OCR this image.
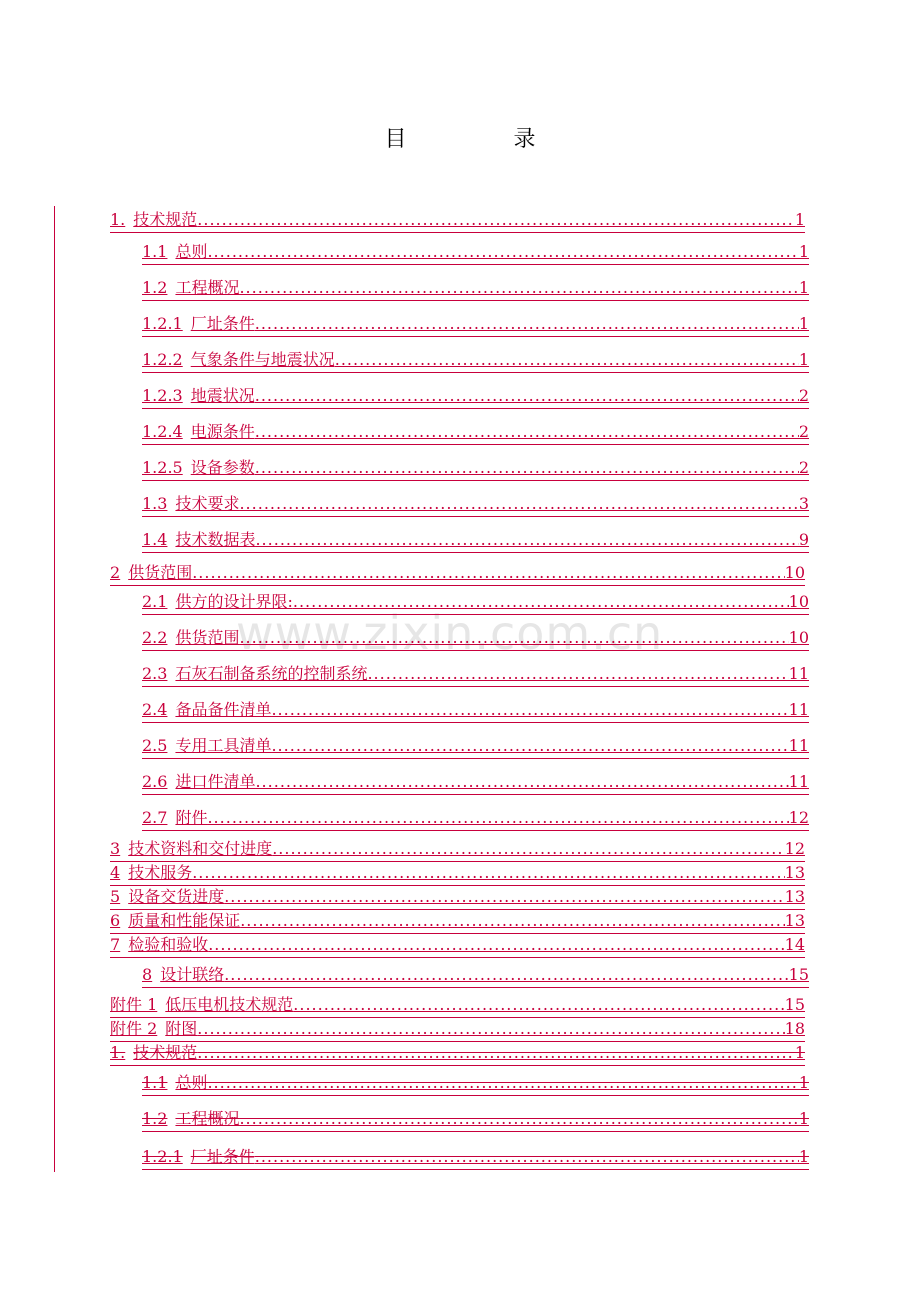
目 录
www.zixin.com.cn
1. 技术规范 .....	1
1.1 总则 .....	1
1.2 工程概况 .....	1
1.2.1 厂址条件 .....	1
1.2.2 气象条件与地震状况 .....	1
1.2.3 地震状况 .....	2
1.2.4 电源条件 .....	2
1.2.5 设备参数 .....	2
1.3 技术要求 .....	3
1.4 技术数据表 .....	9
2 供货范围 .....	10
2.1 供方的设计界限: .....	10
2.2 供货范围 .....	10
2.3 石灰石制备系统的控制系统 .....	11
2.4 备品备件清单 .....	11
2.5 专用工具清单 .....	11
2.6 进口件清单 .....	11
2.7 附件 .....	12
3 技术资料和交付进度 .....	12
4 技术服务 .....	13
5 设备交货进度 .....	13
6 质量和性能保证 .....	13
7 检验和验收 .....	14
8 设计联络 .....	15
附件 1 低压电机技术规范 .....	15
附件 2 附图 .....	18
1. 技术规范 .....	1
1.1 总则 .....	1
1.2 工程概况 .....	1
1.2.1 厂址条件 .....	1
